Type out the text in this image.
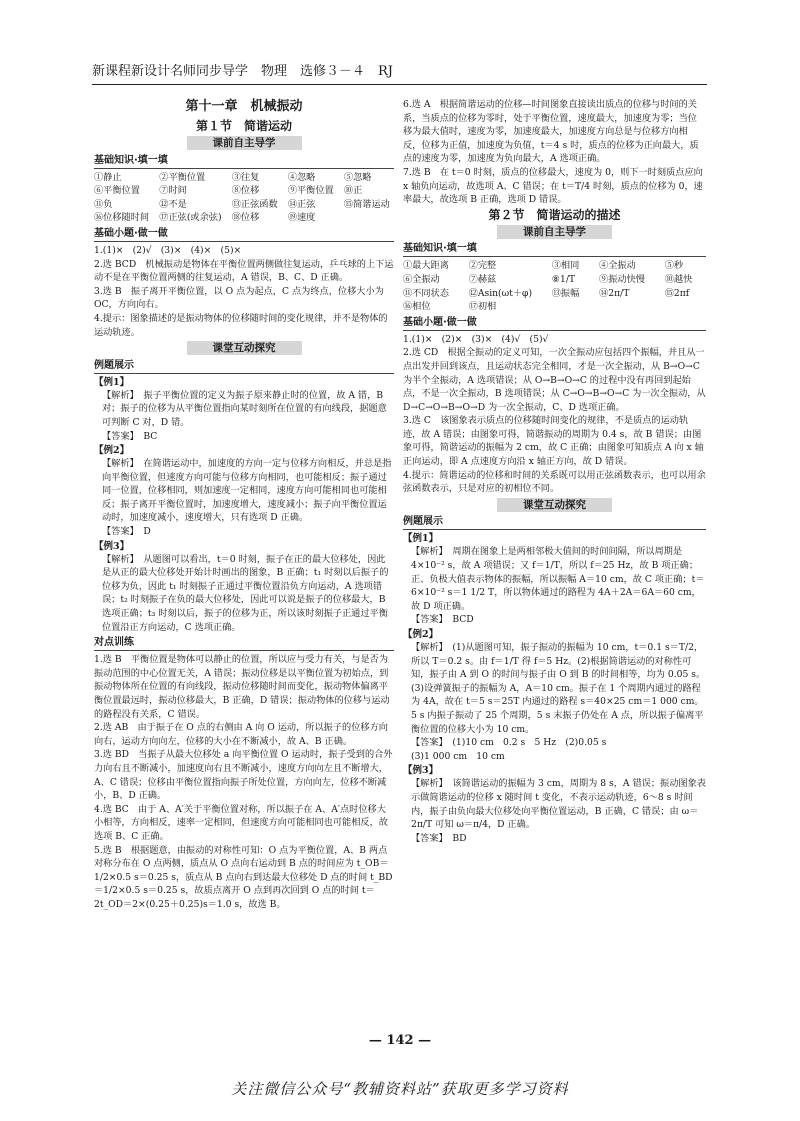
新课程新设计名师同步导学　物理　选修３－４　RJ
第十一章　机械振动
第１节　简谐运动
课前自主导学
基础知识·填一填
①静止	②平衡位置	③往复	④忽略	⑤忽略
⑥平衡位置	⑦时间	⑧位移	⑨平衡位置	⑩正
⑪负	⑫不是	⑬正弦函数	⑭正弦	⑮简谐运动
⑯位移随时间	⑰正弦(或余弦)	⑱位移	⑲速度
基础小题·做一做

1.(1)×　(2)√　(3)×　(4)×　(5)×

2.选 BCD　机械振动是物体在平衡位置两侧做往复运动，乒乓球的上下运动不是在平衡位置两侧的往复运动，A 错误，B、C、D 正确。

3.选 B　振子离开平衡位置，以 O 点为起点，C 点为终点，位移大小为 OC，方向向右。

4.提示：图象描述的是振动物体的位移随时间的变化规律，并不是物体的运动轨迹。

课堂互动探究
例题展示
【例1】

【解析】　振子平衡位置的定义为振子原来静止时的位置，故 A 错，B 对；振子的位移为从平衡位置指向某时刻所在位置的有向线段，据题意可判断 C 对，D 错。

【答案】　BC

【例2】

【解析】　在简谐运动中，加速度的方向一定与位移方向相反，并总是指向平衡位置，但速度方向可能与位移方向相同，也可能相反；振子通过同一位置，位移相同，则加速度一定相同，速度方向可能相同也可能相反；振子离开平衡位置时，加速度增大，速度减小；振子向平衡位置运动时，加速度减小，速度增大，只有选项 D 正确。

【答案】　D

【例3】

【解析】　从题图可以看出，t＝0 时刻，振子在正的最大位移处，因此是从正的最大位移处开始计时画出的图象，B 正确；t₁ 时刻以后振子的位移为负，因此 t₁ 时刻振子正通过平衡位置沿负方向运动，A 选项错误；t₂ 时刻振子在负的最大位移处，因此可以说是振子的位移最大，B 选项正确；t₃ 时刻以后，振子的位移为正，所以该时刻振子正通过平衡位置沿正方向运动，C 选项正确。

对点训练

1.选 B　平衡位置是物体可以静止的位置，所以应与受力有关，与是否为振动范围的中心位置无关，A 错误；振动位移是以平衡位置为初始点，到振动物体所在位置的有向线段，振动位移随时间而变化，振动物体偏离平衡位置最远时，振动位移最大，B 正确，D 错误；振动物体的位移与运动的路程没有关系，C 错误。

2.选 AB　由于振子在 O 点的右侧由 A 向 O 运动，所以振子的位移方向向右，运动方向向左，位移的大小在不断减小，故 A、B 正确。

3.选 BD　当振子从最大位移处 a 向平衡位置 O 运动时，振子受到的合外力向右且不断减小，加速度向右且不断减小，速度方向向左且不断增大，A、C 错误；位移由平衡位置指向振子所处位置，方向向左，位移不断减小，B、D 正确。

4.选 BC　由于 A、A′关于平衡位置对称，所以振子在 A、A′点时位移大小相等，方向相反，速率一定相同，但速度方向可能相同也可能相反，故选项 B、C 正确。

5.选 B　根据题意，由振动的对称性可知：O 点为平衡位置，A、B 两点对称分布在 O 点两侧，质点从 O 点向右运动到 B 点的时间应为 t_OB＝1/2×0.5 s＝0.25 s，质点从 B 点向右到达最大位移处 D 点的时间 t_BD＝1/2×0.5 s＝0.25 s，故质点离开 O 点到再次回到 O 点的时间 t＝2t_OD＝2×(0.25＋0.25)s＝1.0 s，故选 B。

6.选 A　根据简谐运动的位移—时间图象直接读出质点的位移与时间的关系，当质点的位移为零时，处于平衡位置，速度最大，加速度为零；当位移为最大值时，速度为零，加速度最大，加速度方向总是与位移方向相反，位移为正值，加速度为负值，t＝4 s 时，质点的位移为正向最大，质点的速度为零，加速度为负向最大，A 选项正确。

7.选 B　在 t＝0 时刻，质点的位移最大，速度为 0，则下一时刻质点应向 x 轴负向运动，故选项 A、C 错误；在 t＝T/4 时刻，质点的位移为 0，速率最大，故选项 B 正确，选项 D 错误。

第２节　简谐运动的描述
课前自主导学
基础知识·填一填
①最大距离	②完整	③相同	④全振动	⑤秒
⑥全振动	⑦赫兹	⑧1/T	⑨振动快慢	⑩越快
⑪不同状态	⑫Asin(ωt＋φ)	⑬振幅	⑭2π/T	⑮2πf
⑯相位	⑰初相
基础小题·做一做

1.(1)×　(2)×　(3)×　(4)√　(5)√

2.选 CD　根据全振动的定义可知，一次全振动应包括四个振幅，并且从一点出发并回到该点，且运动状态完全相同，才是一次全振动，从 B→O→C 为半个全振动，A 选项错误；从 O→B→O→C 的过程中没有再回到起始点，不是一次全振动，B 选项错误；从 C→O→B→O→C 为一次全振动，从 D→C→O→B→O→D 为一次全振动，C、D 选项正确。

3.选 C　该图象表示质点的位移随时间变化的规律，不是质点的运动轨迹，故 A 错误；由图象可得，简谐振动的周期为 0.4 s，故 B 错误；由图象可得，简谐运动的振幅为 2 cm，故 C 正确；由图象可知质点 A 向 x 轴正向运动，即 A 点速度方向沿 x 轴正方向，故 D 错误。

4.提示：简谐运动的位移和时间的关系既可以用正弦函数表示，也可以用余弦函数表示，只是对应的初相位不同。

课堂互动探究
例题展示
【例1】

【解析】　周期在图象上是两相邻极大值间的时间间隔，所以周期是 4×10⁻² s，故 A 项错误；又 f＝1/T，所以 f＝25 Hz，故 B 项正确；正、负极大值表示物体的振幅，所以振幅 A＝10 cm，故 C 项正确；t＝6×10⁻² s＝1 1/2 T，所以物体通过的路程为 4A＋2A＝6A＝60 cm，故 D 项正确。

【答案】　BCD

【例2】

【解析】　(1)从题图可知，振子振动的振幅为 10 cm，t＝0.1 s＝T/2，所以 T＝0.2 s。由 f＝1/T 得 f＝5 Hz。(2)根据简谐运动的对称性可知，振子由 A 到 O 的时间与振子由 O 到 B 的时间相等，均为 0.05 s。(3)设弹簧振子的振幅为 A，A＝10 cm。振子在 1 个周期内通过的路程为 4A，故在 t＝5 s＝25T 内通过的路程 s＝40×25 cm＝1 000 cm。5 s 内振子振动了 25 个周期，5 s 末振子仍处在 A 点，所以振子偏离平衡位置的位移大小为 10 cm。

【答案】　(1)10 cm　0.2 s　5 Hz　(2)0.05 s

(3)1 000 cm　10 cm

【例3】

【解析】　该简谐运动的振幅为 3 cm，周期为 8 s，A 错误；振动图象表示做简谐运动的位移 x 随时间 t 变化，不表示运动轨迹，6～8 s 时间内，振子由负向最大位移处向平衡位置运动，B 正确，C 错误；由 ω＝2π/T 可知 ω＝π/4，D 正确。

【答案】　BD

— 142 —
关注微信公众号“教辅资料站”获取更多学习资料
